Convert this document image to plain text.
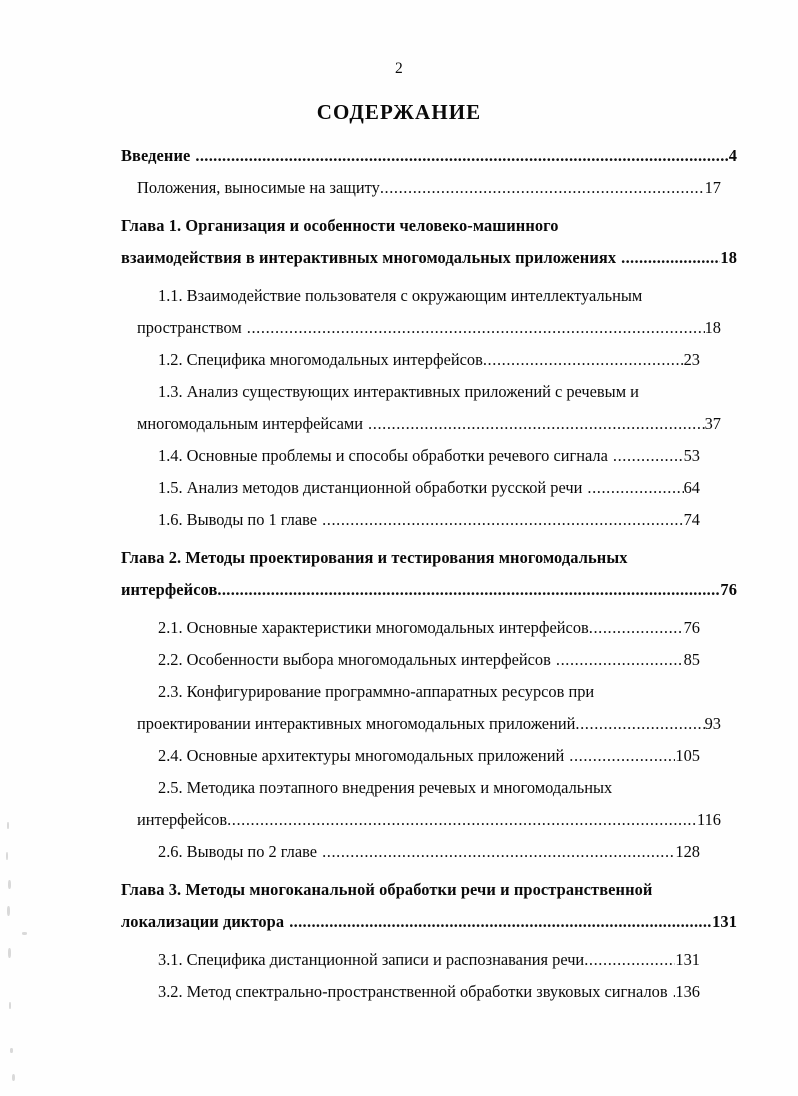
2
СОДЕРЖАНИЕ
Введение .....	4
Положения, выносимые на защиту .....	17
Глава 1. Организация и особенности человеко-машинного
взаимодействия в интерактивных многомодальных приложениях .....	18
1.1. Взаимодействие пользователя с окружающим интеллектуальным
пространством .....	18
1.2. Специфика многомодальных интерфейсов .....	23
1.3. Анализ существующих интерактивных приложений с речевым и
многомодальным интерфейсами .....	37
1.4. Основные проблемы и способы обработки речевого сигнала .....	53
1.5. Анализ методов дистанционной обработки русской речи .....	64
1.6. Выводы по 1 главе .....	74
Глава 2. Методы проектирования и тестирования многомодальных
интерфейсов .....	76
2.1. Основные характеристики многомодальных интерфейсов .....	76
2.2. Особенности выбора многомодальных интерфейсов .....	85
2.3. Конфигурирование программно-аппаратных ресурсов при
проектировании интерактивных многомодальных приложений .....	93
2.4. Основные архитектуры многомодальных приложений .....	105
2.5. Методика поэтапного внедрения речевых и многомодальных
интерфейсов .....	116
2.6. Выводы по 2 главе .....	128
Глава 3. Методы многоканальной обработки речи и пространственной
локализации диктора .....	131
3.1. Специфика дистанционной записи и распознавания речи .....	131
3.2. Метод спектрально-пространственной обработки звуковых сигналов ..... 136
